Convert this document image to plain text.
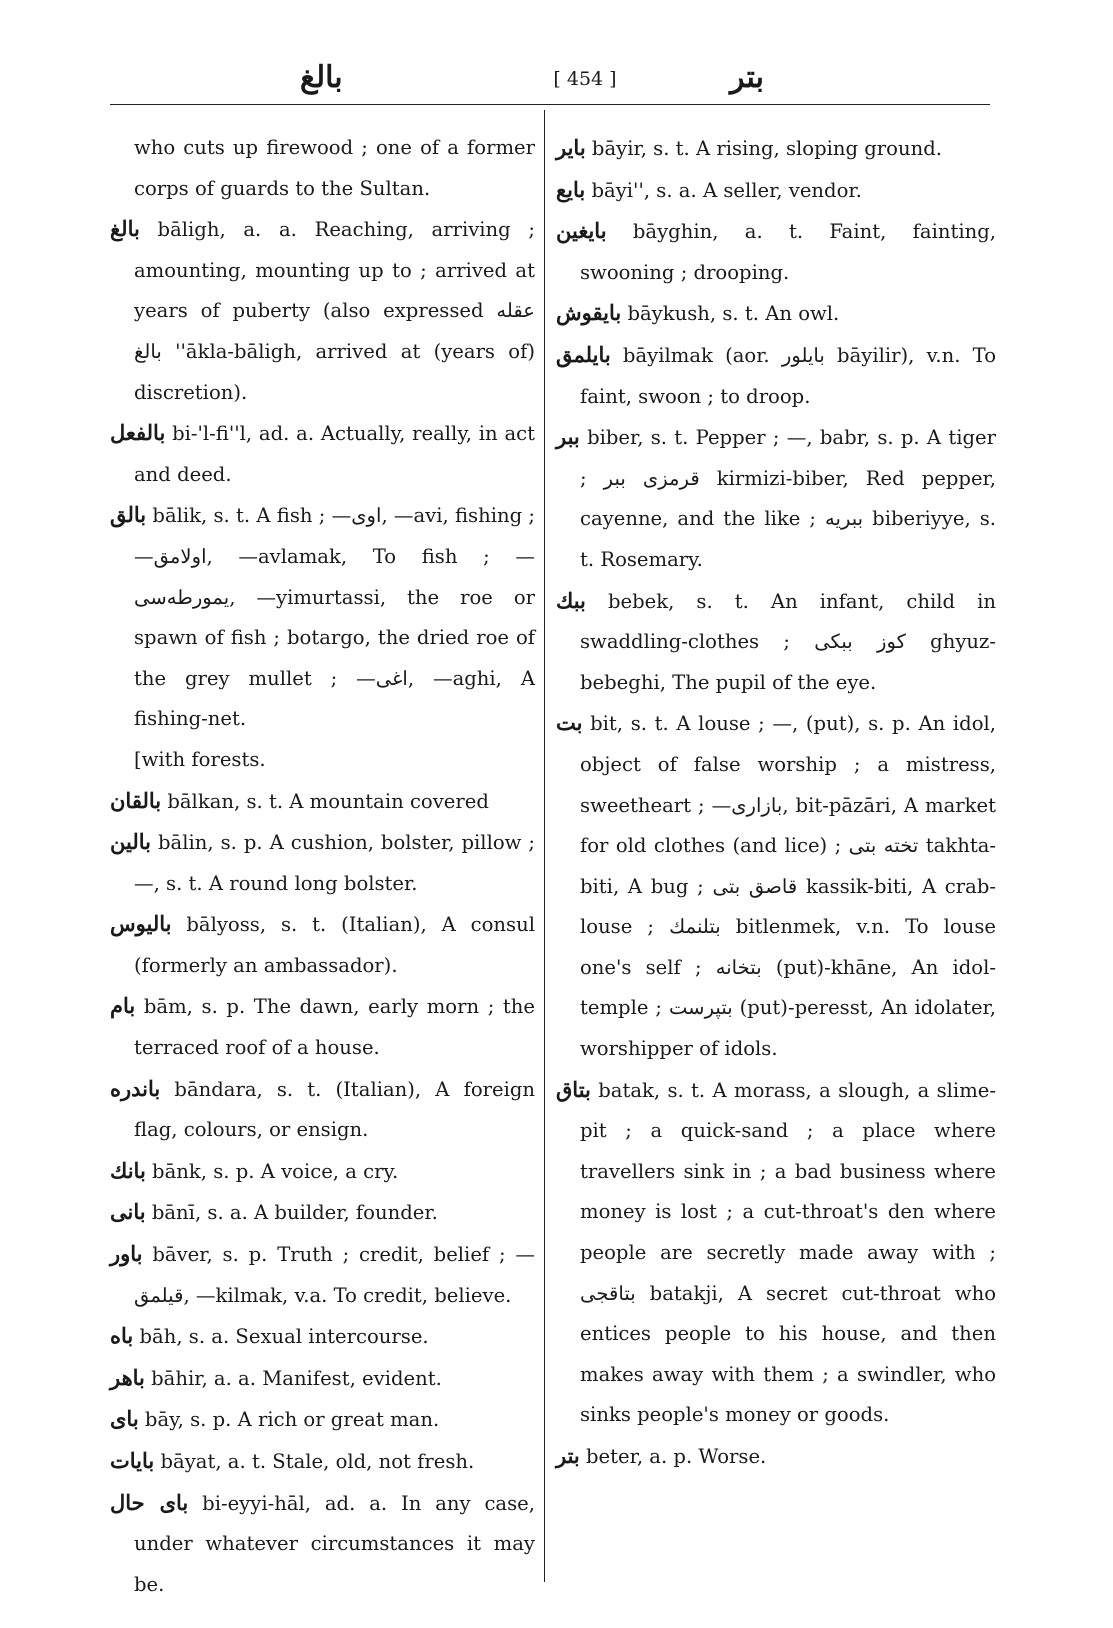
بالغ	[ 454 ]	بتر
who cuts up firewood ; one of a former corps of guards to the Sultan.
بالغ bāligh, a. a. Reaching, arriving ; amounting, mounting up to ; arrived at years of puberty (also expressed عقله بالغ ''ākla-bāligh, arrived at (years of) discretion).
بالفعل bi-'l-fi''l, ad. a. Actually, really, in act and deed.
بالق bālik, s. t. A fish ; —اوی, —avi, fishing ; —اولامق, —avlamak, To fish ; —یمورطه‌سی, —yimurtassi, the roe or spawn of fish ; botargo, the dried roe of the grey mullet ; —اغی, —aghi, A fishing-net.
[with forests.
بالقان bālkan, s. t. A mountain covered
بالین bālin, s. p. A cushion, bolster, pillow ; —, s. t. A round long bolster.
بالیوس bālyoss, s. t. (Italian), A consul (formerly an ambassador).
بام bām, s. p. The dawn, early morn ; the terraced roof of a house.
باندره bāndara, s. t. (Italian), A foreign flag, colours, or ensign.
بانك bānk, s. p. A voice, a cry.
بانی bānī, s. a. A builder, founder.
باور bāver, s. p. Truth ; credit, belief ; —قیلمق, —kilmak, v.a. To credit, believe.
باه bāh, s. a. Sexual intercourse.
باهر bāhir, a. a. Manifest, evident.
بای bāy, s. p. A rich or great man.
بایات bāyat, a. t. Stale, old, not fresh.
بای حال bi-eyyi-hāl, ad. a. In any case, under whatever circumstances it may be.
بایر bāyir, s. t. A rising, sloping ground.
بایع bāyi'', s. a. A seller, vendor.
بایغین bāyghin, a. t. Faint, fainting, swooning ; drooping.
بایقوش bāykush, s. t. An owl.
بایلمق bāyilmak (aor. بایلور bāyilir), v.n. To faint, swoon ; to droop.
ببر biber, s. t. Pepper ; —, babr, s. p. A tiger ; قرمزی ببر kirmizi-biber, Red pepper, cayenne, and the like ; ببریه biberiyye, s. t. Rosemary.
ببك bebek, s. t. An infant, child in swaddling-clothes ; كوز ببكی ghyuz-bebeghi, The pupil of the eye.
بت bit, s. t. A louse ; —, (put), s. p. An idol, object of false worship ; a mistress, sweetheart ; —بازاری, bit-pāzāri, A market for old clothes (and lice) ; تخته بتی takhta-biti, A bug ; قاصق بتی kassik-biti, A crab-louse ; بتلنمك bitlenmek, v.n. To louse one's self ; بتخانه (put)-khāne, An idol-temple ; بتپرست (put)-peresst, An idolater, worshipper of idols.
بتاق batak, s. t. A morass, a slough, a slime-pit ; a quick-sand ; a place where travellers sink in ; a bad business where money is lost ; a cut-throat's den where people are secretly made away with ; بتاقجی batakji, A secret cut-throat who entices people to his house, and then makes away with them ; a swindler, who sinks people's money or goods.
بتر beter, a. p. Worse.
